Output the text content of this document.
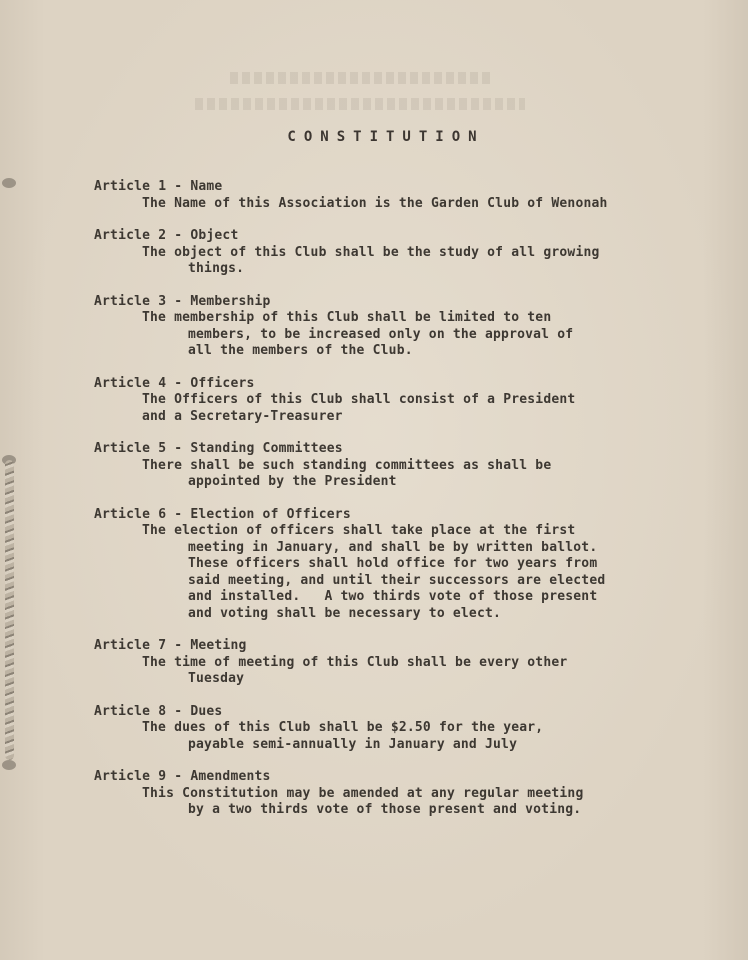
CONSTITUTION
Article 1 - Name
The Name of this Association is the Garden Club of Wenonah
Article 2 - Object
The object of this Club shall be the study of all growing
things.
Article 3 - Membership
The membership of this Club shall be limited to ten
members, to be increased only on the approval of
all the members of the Club.
Article 4 - Officers
The Officers of this Club shall consist of a President
and a Secretary-Treasurer
Article 5 - Standing Committees
There shall be such standing committees as shall be
appointed by the President
Article 6 - Election of Officers
The election of officers shall take place at the first
meeting in January, and shall be by written ballot.
These officers shall hold office for two years from
said meeting, and until their successors are elected
and installed.   A two thirds vote of those present
and voting shall be necessary to elect.
Article 7 - Meeting
The time of meeting of this Club shall be every other
Tuesday
Article 8 - Dues
The dues of this Club shall be $2.50 for the year,
payable semi-annually in January and July
Article 9 - Amendments
This Constitution may be amended at any regular meeting
by a two thirds vote of those present and voting.
